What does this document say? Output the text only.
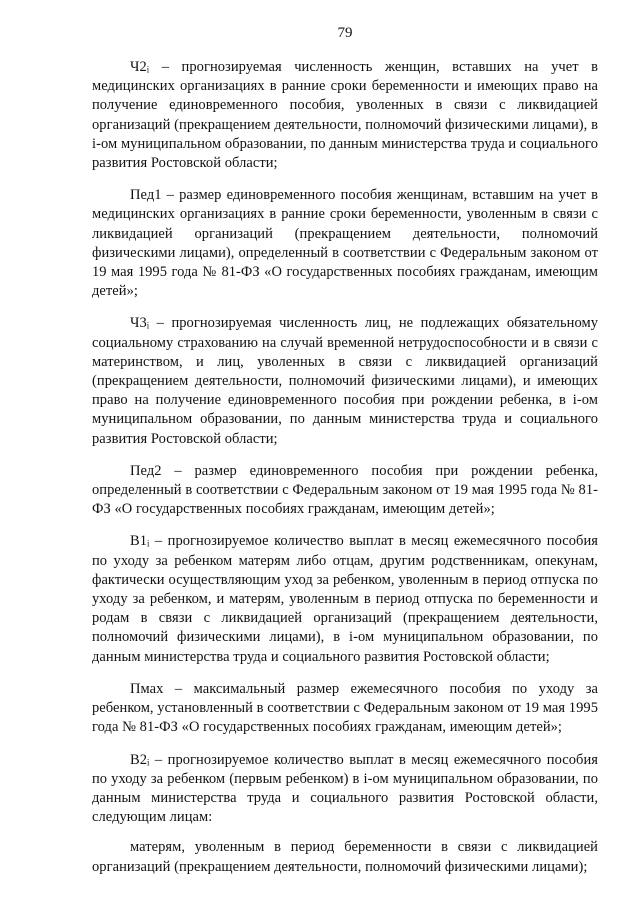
79

Ч2ᵢ – прогнозируемая численность женщин, вставших на учет в медицинских организациях в ранние сроки беременности и имеющих право на получение единовременного пособия, уволенных в связи с ликвидацией организаций (прекращением деятельности, полномочий физическими лицами), в i-ом муниципальном образовании, по данным министерства труда и социального развития Ростовской области;

Пед1 – размер единовременного пособия женщинам, вставшим на учет в медицинских организациях в ранние сроки беременности, уволенным в связи с ликвидацией организаций (прекращением деятельности, полномочий физическими лицами), определенный в соответствии с Федеральным законом от 19 мая 1995 года № 81-ФЗ «О государственных пособиях гражданам, имеющим детей»;

Ч3ᵢ – прогнозируемая численность лиц, не подлежащих обязательному социальному страхованию на случай временной нетрудоспособности и в связи с материнством, и лиц, уволенных в связи с ликвидацией организаций (прекращением деятельности, полномочий физическими лицами), и имеющих право на получение единовременного пособия при рождении ребенка, в i-ом муниципальном образовании, по данным министерства труда и социального развития Ростовской области;

Пед2 – размер единовременного пособия при рождении ребенка, определенный в соответствии с Федеральным законом от 19 мая 1995 года № 81-ФЗ «О государственных пособиях гражданам, имеющим детей»;

В1ᵢ – прогнозируемое количество выплат в месяц ежемесячного пособия по уходу за ребенком матерям либо отцам, другим родственникам, опекунам, фактически осуществляющим уход за ребенком, уволенным в период отпуска по уходу за ребенком, и матерям, уволенным в период отпуска по беременности и родам в связи с ликвидацией организаций (прекращением деятельности, полномочий физическими лицами), в i-ом муниципальном образовании, по данным министерства труда и социального развития Ростовской области;

Пмах – максимальный размер ежемесячного пособия по уходу за ребенком, установленный в соответствии с Федеральным законом от 19 мая 1995 года № 81-ФЗ «О государственных пособиях гражданам, имеющим детей»;

В2ᵢ – прогнозируемое количество выплат в месяц ежемесячного пособия по уходу за ребенком (первым ребенком) в i-ом муниципальном образовании, по данным министерства труда и социального развития Ростовской области, следующим лицам:

матерям, уволенным в период беременности в связи с ликвидацией организаций (прекращением деятельности, полномочий физическими лицами);
